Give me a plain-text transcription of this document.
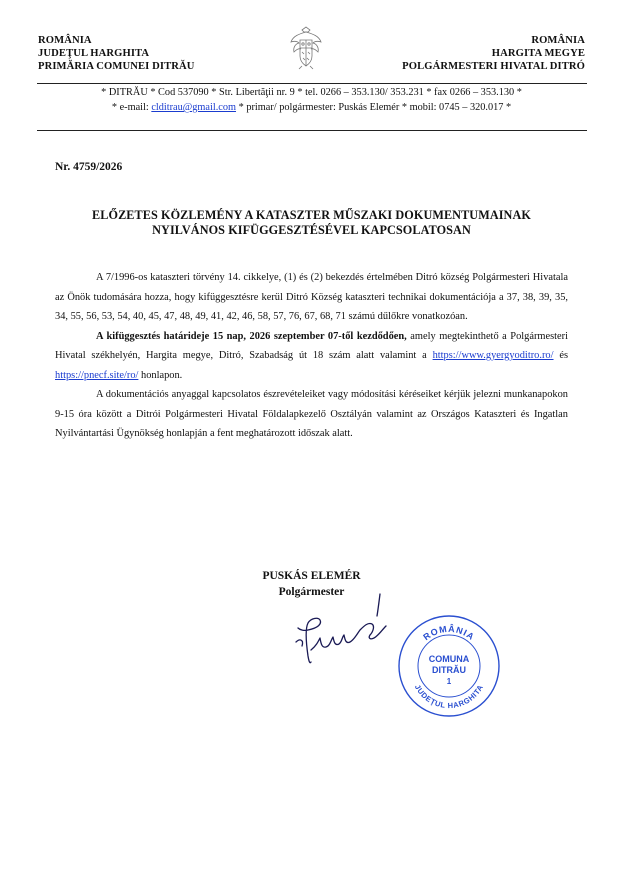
ROMÂNIA
JUDEŢUL HARGHITA
PRIMĂRIA COMUNEI DITRĂU
ROMÂNIA
HARGITA MEGYE
POLGÁRMESTERI HIVATAL DITRÓ
* DITRĂU * Cod 537090 * Str. Libertăţii nr. 9 * tel. 0266 – 353.130/ 353.231 * fax 0266 – 353.130 *
* e-mail: clditrau@gmail.com * primar/ polgármester: Puskás Elemér * mobil: 0745 – 320.017 *
Nr. 4759/2026
ELŐZETES KÖZLEMÉNY A KATASZTER MŰSZAKI DOKUMENTUMAINAK NYILVÁNOS KIFÜGGESZTÉSÉVEL KAPCSOLATOSAN

A 7/1996-os kataszteri törvény 14. cikkelye, (1) és (2) bekezdés értelmében Ditró község Polgármesteri Hivatala az Önök tudomására hozza, hogy kifüggesztésre kerül Ditró Község kataszteri technikai dokumentációja a 37, 38, 39, 35, 34, 55, 56, 53, 54, 40, 45, 47, 48, 49, 41, 42, 46, 58, 57, 76, 67, 68, 71 számú dűlőkre vonatkozóan.

A kifüggesztés határideje 15 nap, 2026 szeptember 07-től kezdődően, amely megtekinthető a Polgármesteri Hivatal székhelyén, Hargita megye, Ditró, Szabadság út 18 szám alatt valamint a https://www.gyergyoditro.ro/ és https://pnecf.site/ro/ honlapon.

A dokumentációs anyaggal kapcsolatos észrevételeiket vagy módosítási kéréseiket kérjük jelezni munkanapokon 9-15 óra között a Ditrói Polgármesteri Hivatal Földalapkezelő Osztályán valamint az Országos Kataszteri és Ingatlan Nyilvántartási Ügynökség honlapján a fent meghatározott időszak alatt.

PUSKÁS ELEMÉR
Polgármester
ROMÂNIA
JUDEŢUL HARGHITA
COMUNA
DITRĂU
1
